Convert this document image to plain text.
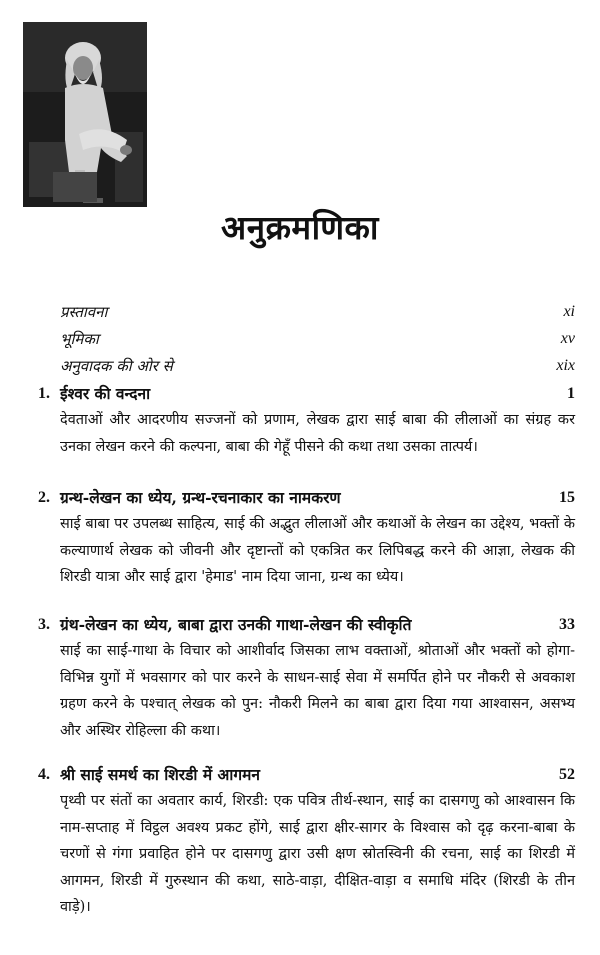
अनुक्रमणिका
प्रस्तावना	xi
भूमिका	xv
अनुवादक की ओर से	xix
1. ईश्वर की वन्दना	1
देवताओं और आदरणीय सज्जनों को प्रणाम, लेखक द्वारा साई बाबा की लीलाओं का संग्रह कर उनका लेखन करने की कल्पना, बाबा की गेहूँ पीसने की कथा तथा उसका तात्पर्य।
2. ग्रन्थ-लेखन का ध्येय, ग्रन्थ-रचनाकार का नामकरण	15
साई बाबा पर उपलब्ध साहित्य, साई की अद्भुत लीलाओं और कथाओं के लेखन का उद्देश्य, भक्तों के कल्याणार्थ लेखक को जीवनी और दृष्टान्तों को एकत्रित कर लिपिबद्ध करने की आज्ञा, लेखक की शिरडी यात्रा और साई द्वारा 'हेमाड' नाम दिया जाना, ग्रन्थ का ध्येय।
3. ग्रंथ-लेखन का ध्येय, बाबा द्वारा उनकी गाथा-लेखन की स्वीकृति	33
साई का साई-गाथा के विचार को आशीर्वाद जिसका लाभ वक्ताओं, श्रोताओं और भक्तों को होगा-विभिन्न युगों में भवसागर को पार करने के साधन-साई सेवा में समर्पित होने पर नौकरी से अवकाश ग्रहण करने के पश्चात् लेखक को पुन: नौकरी मिलने का बाबा द्वारा दिया गया आश्वासन, असभ्य और अस्थिर रोहिल्ला की कथा।
4. श्री साई समर्थ का शिरडी में आगमन	52
पृथ्वी पर संतों का अवतार कार्य, शिरडी: एक पवित्र तीर्थ-स्थान, साई का दासगणु को आश्वासन कि नाम-सप्ताह में विट्ठल अवश्य प्रकट होंगे, साई द्वारा क्षीर-सागर के विश्वास को दृढ़ करना-बाबा के चरणों से गंगा प्रवाहित होने पर दासगणु द्वारा उसी क्षण स्रोतस्विनी की रचना, साई का शिरडी में आगमन, शिरडी में गुरुस्थान की कथा, साठे-वाड़ा, दीक्षित-वाड़ा व समाधि मंदिर (शिरडी के तीन वाड़े)।
